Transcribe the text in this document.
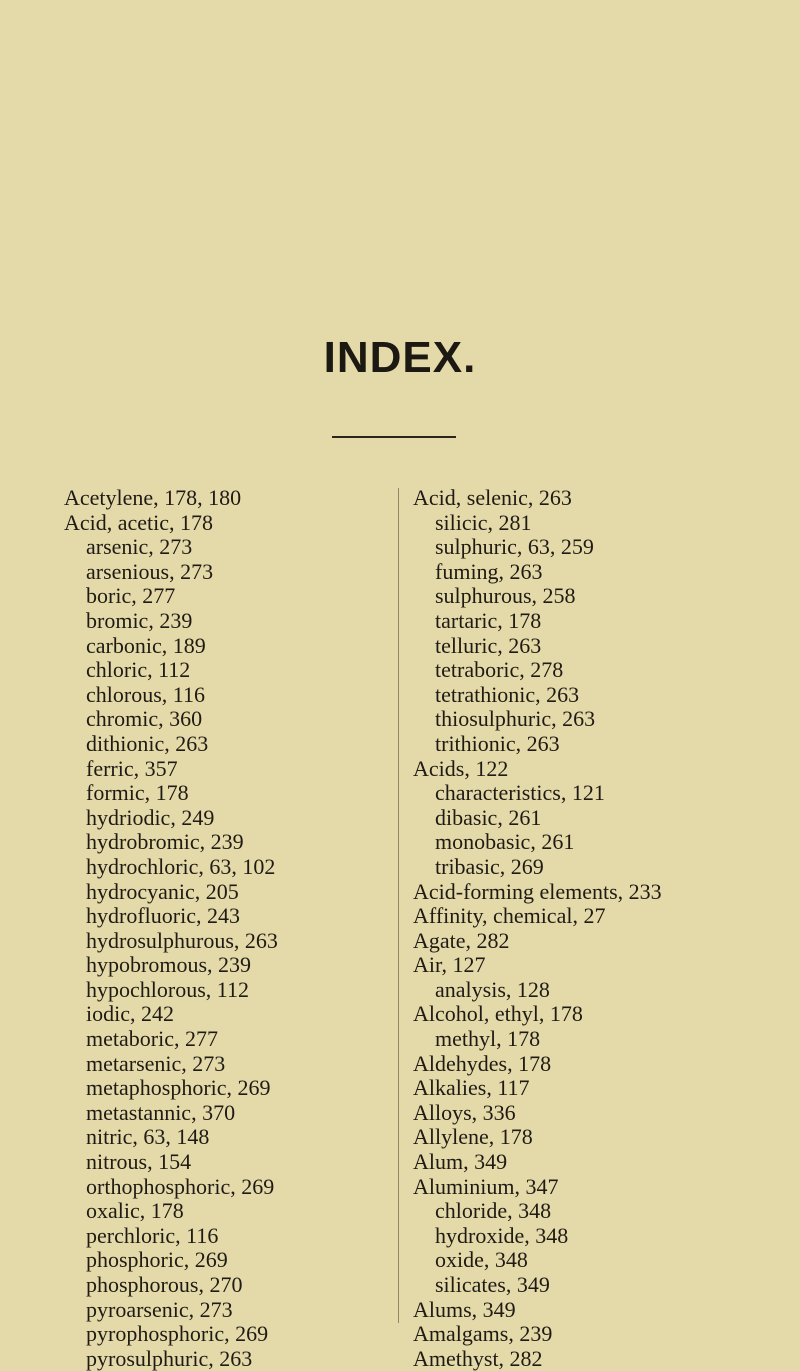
INDEX.
Acetylene, 178, 180
Acid, acetic, 178
arsenic, 273
arsenious, 273
boric, 277
bromic, 239
carbonic, 189
chloric, 112
chlorous, 116
chromic, 360
dithionic, 263
ferric, 357
formic, 178
hydriodic, 249
hydrobromic, 239
hydrochloric, 63, 102
hydrocyanic, 205
hydrofluoric, 243
hydrosulphurous, 263
hypobromous, 239
hypochlorous, 112
iodic, 242
metaboric, 277
metarsenic, 273
metaphosphoric, 269
metastannic, 370
nitric, 63, 148
nitrous, 154
orthophosphoric, 269
oxalic, 178
perchloric, 116
phosphoric, 269
phosphorous, 270
pyroarsenic, 273
pyrophosphoric, 269
pyrosulphuric, 263
Acid, selenic, 263
silicic, 281
sulphuric, 63, 259
fuming, 263
sulphurous, 258
tartaric, 178
telluric, 263
tetraboric, 278
tetrathionic, 263
thiosulphuric, 263
trithionic, 263
Acids, 122
characteristics, 121
dibasic, 261
monobasic, 261
tribasic, 269
Acid-forming elements, 233
Affinity, chemical, 27
Agate, 282
Air, 127
analysis, 128
Alcohol, ethyl, 178
methyl, 178
Aldehydes, 178
Alkalies, 117
Alloys, 336
Allylene, 178
Alum, 349
Aluminium, 347
chloride, 348
hydroxide, 348
oxide, 348
silicates, 349
Alums, 349
Amalgams, 239
Amethyst, 282
